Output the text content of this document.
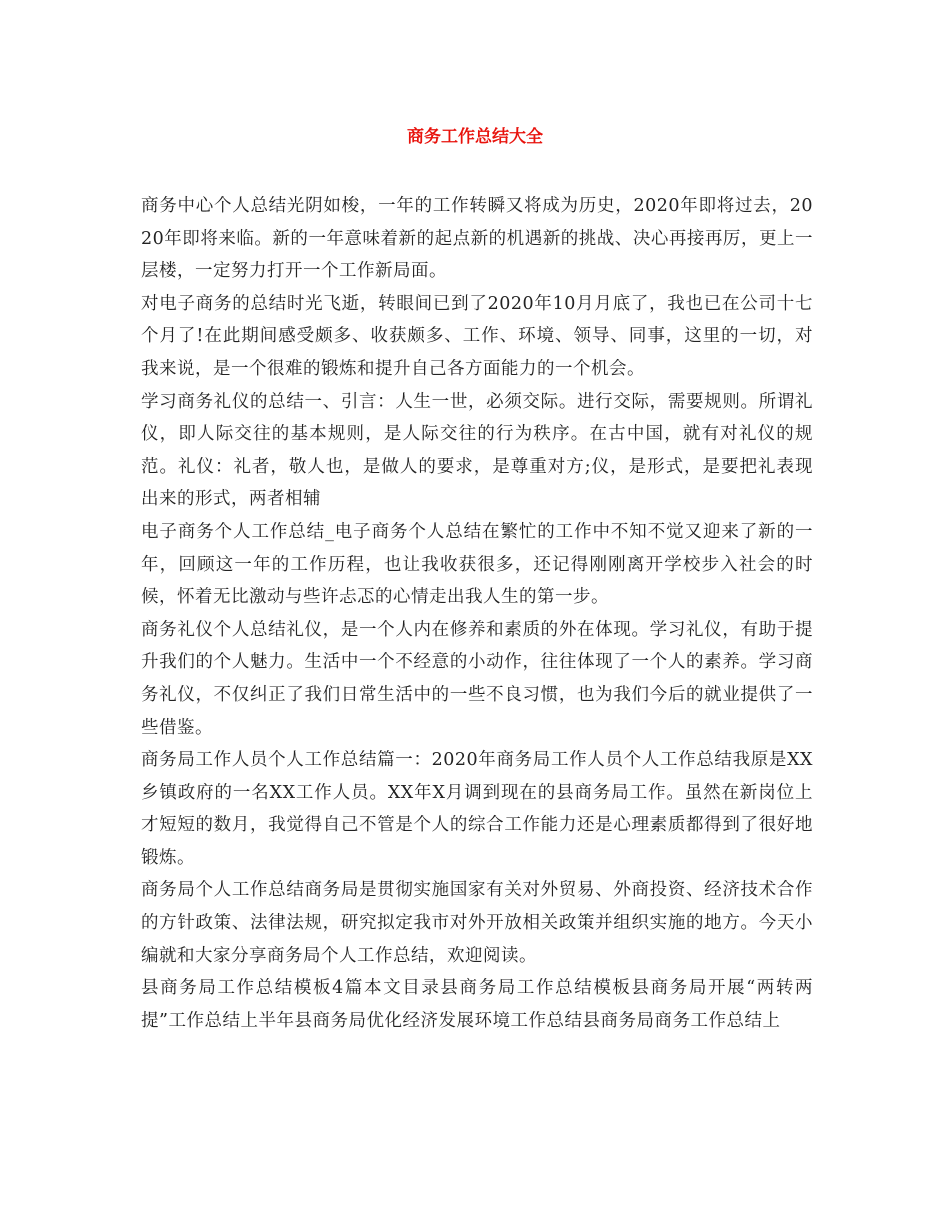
商务工作总结大全

商务中心个人总结光阴如梭，一年的工作转瞬又将成为历史，2020年即将过去，2020年即将来临。新的一年意味着新的起点新的机遇新的挑战、决心再接再厉，更上一层楼，一定努力打开一个工作新局面。

对电子商务的总结时光飞逝，转眼间已到了2020年10月月底了，我也已在公司十七个月了!在此期间感受颇多、收获颇多、工作、环境、领导、同事，这里的一切，对我来说，是一个很难的锻炼和提升自己各方面能力的一个机会。

学习商务礼仪的总结一、引言：人生一世，必须交际。进行交际，需要规则。所谓礼仪，即人际交往的基本规则，是人际交往的行为秩序。在古中国，就有对礼仪的规范。礼仪：礼者，敬人也，是做人的要求，是尊重对方;仪，是形式，是要把礼表现出来的形式，两者相辅

电子商务个人工作总结_电子商务个人总结在繁忙的工作中不知不觉又迎来了新的一年，回顾这一年的工作历程，也让我收获很多，还记得刚刚离开学校步入社会的时候，怀着无比激动与些许忐忑的心情走出我人生的第一步。

商务礼仪个人总结礼仪，是一个人内在修养和素质的外在体现。学习礼仪，有助于提升我们的个人魅力。生活中一个不经意的小动作，往往体现了一个人的素养。学习商务礼仪，不仅纠正了我们日常生活中的一些不良习惯，也为我们今后的就业提供了一些借鉴。

商务局工作人员个人工作总结篇一：2020年商务局工作人员个人工作总结我原是XX乡镇政府的一名XX工作人员。XX年X月调到现在的县商务局工作。虽然在新岗位上才短短的数月，我觉得自己不管是个人的综合工作能力还是心理素质都得到了很好地锻炼。

商务局个人工作总结商务局是贯彻实施国家有关对外贸易、外商投资、经济技术合作的方针政策、法律法规，研究拟定我市对外开放相关政策并组织实施的地方。今天小编就和大家分享商务局个人工作总结，欢迎阅读。

县商务局工作总结模板4篇本文目录县商务局工作总结模板县商务局开展“两转两提”工作总结上半年县商务局优化经济发展环境工作总结县商务局商务工作总结上
